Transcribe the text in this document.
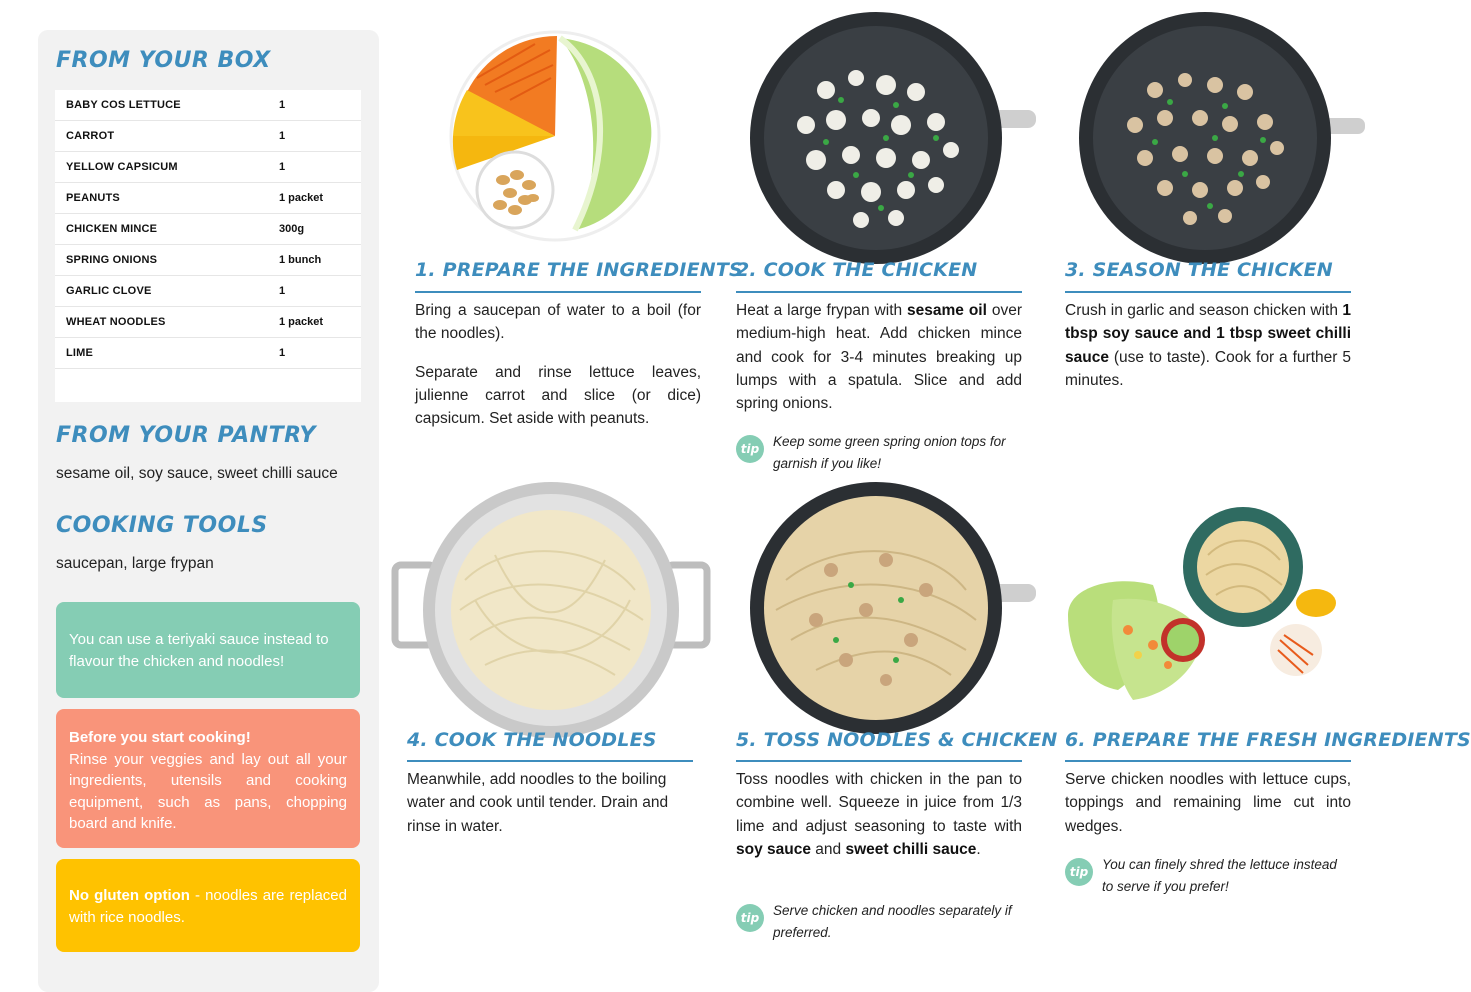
FROM YOUR BOX
BABY COS LETTUCE	1
CARROT	1
YELLOW CAPSICUM	1
PEANUTS	1 packet
CHICKEN MINCE	300g
SPRING ONIONS	1 bunch
GARLIC CLOVE	1
WHEAT NOODLES	1 packet
LIME	1
FROM YOUR PANTRY
sesame oil, soy sauce, sweet chilli sauce
COOKING TOOLS
saucepan, large frypan
You can use a teriyaki sauce instead to flavour the chicken and noodles!
Before you start cooking!
Rinse your veggies and lay out all your ingredients, utensils and cooking equipment, such as pans, chopping board and knife.
No gluten option - noodles are replaced with rice noodles.
1. PREPARE THE INGREDIENTS

Bring a saucepan of water to a boil (for the noodles).

Separate and rinse lettuce leaves, julienne carrot and slice (or dice) capsicum. Set aside with peanuts.

2. COOK THE CHICKEN

Heat a large frypan with sesame oil over medium-high heat. Add chicken mince and cook for 3-4 minutes breaking up lumps with a spatula. Slice and add spring onions.

tip	Keep some green spring onion tops for garnish if you like!
3. SEASON THE CHICKEN

Crush in garlic and season chicken with 1 tbsp soy sauce and 1 tbsp sweet chilli sauce (use to taste). Cook for a further 5 minutes.

4. COOK THE NOODLES

Meanwhile, add noodles to the boiling water and cook until tender. Drain and rinse in water.

5. TOSS NOODLES & CHICKEN

Toss noodles with chicken in the pan to combine well. Squeeze in juice from 1/3 lime and adjust seasoning to taste with soy sauce and sweet chilli sauce.

tip	Serve chicken and noodles separately if preferred.
6. PREPARE THE FRESH INGREDIENTS

Serve chicken noodles with lettuce cups, toppings and remaining lime cut into wedges.

tip	You can finely shred the lettuce instead to serve if you prefer!
